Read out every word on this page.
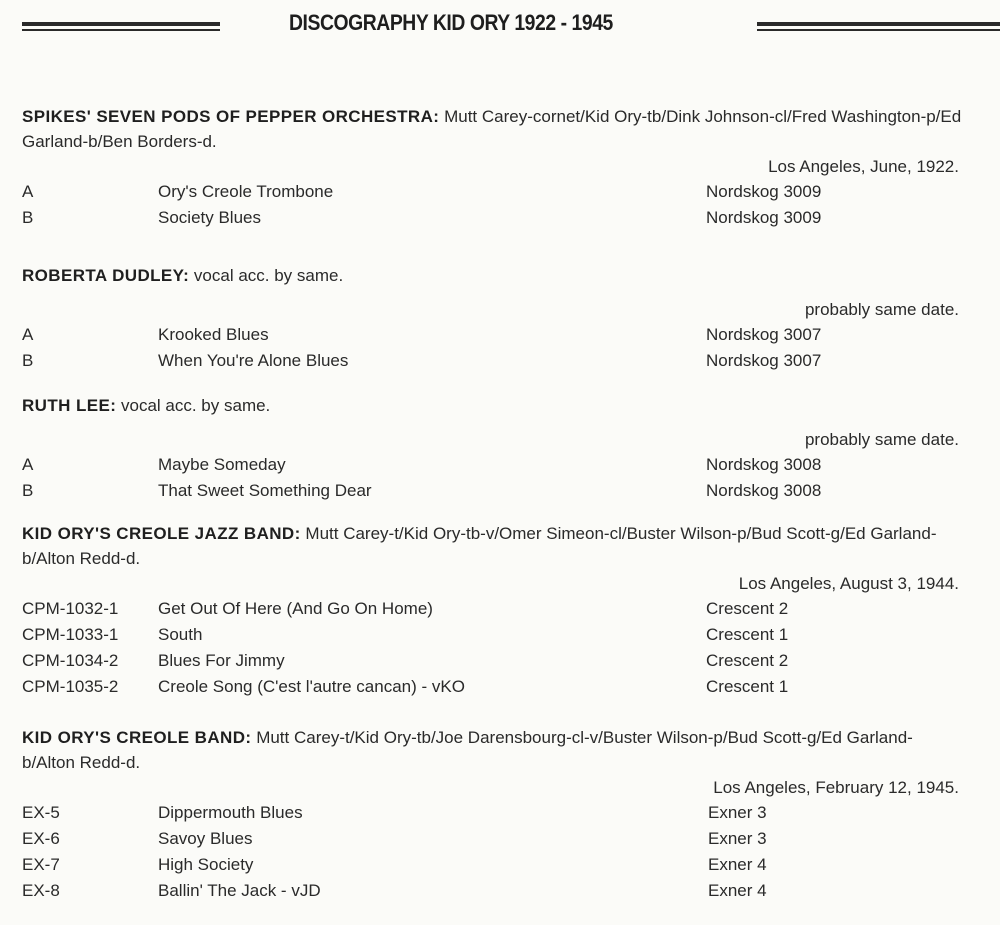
DISCOGRAPHY KID ORY 1922 - 1945
SPIKES' SEVEN PODS OF PEPPER ORCHESTRA: Mutt Carey-cornet/Kid Ory-tb/Dink Johnson-cl/Fred Washington-p/Ed Garland-b/Ben Borders-d.
Los Angeles, June, 1922.
A	Ory's Creole Trombone	Nordskog 3009
B	Society Blues	Nordskog 3009
ROBERTA DUDLEY: vocal acc. by same.
probably same date.
A	Krooked Blues	Nordskog 3007
B	When You're Alone Blues	Nordskog 3007
RUTH LEE: vocal acc. by same.
probably same date.
A	Maybe Someday	Nordskog 3008
B	That Sweet Something Dear	Nordskog 3008
KID ORY'S CREOLE JAZZ BAND: Mutt Carey-t/Kid Ory-tb-v/Omer Simeon-cl/Buster Wilson-p/Bud Scott-g/Ed Garland-b/Alton Redd-d.
Los Angeles, August 3, 1944.
CPM-1032-1 Get Out Of Here (And Go On Home)	Crescent 2
CPM-1033-1 South	Crescent 1
CPM-1034-2 Blues For Jimmy	Crescent 2
CPM-1035-2 Creole Song (C'est l'autre cancan) - vKO	Crescent 1
KID ORY'S CREOLE BAND: Mutt Carey-t/Kid Ory-tb/Joe Darensbourg-cl-v/Buster Wilson-p/Bud Scott-g/Ed Garland-b/Alton Redd-d.
Los Angeles, February 12, 1945.
EX-5	Dippermouth Blues	Exner 3
EX-6	Savoy Blues	Exner 3
EX-7	High Society	Exner 4
EX-8	Ballin' The Jack - vJD	Exner 4
